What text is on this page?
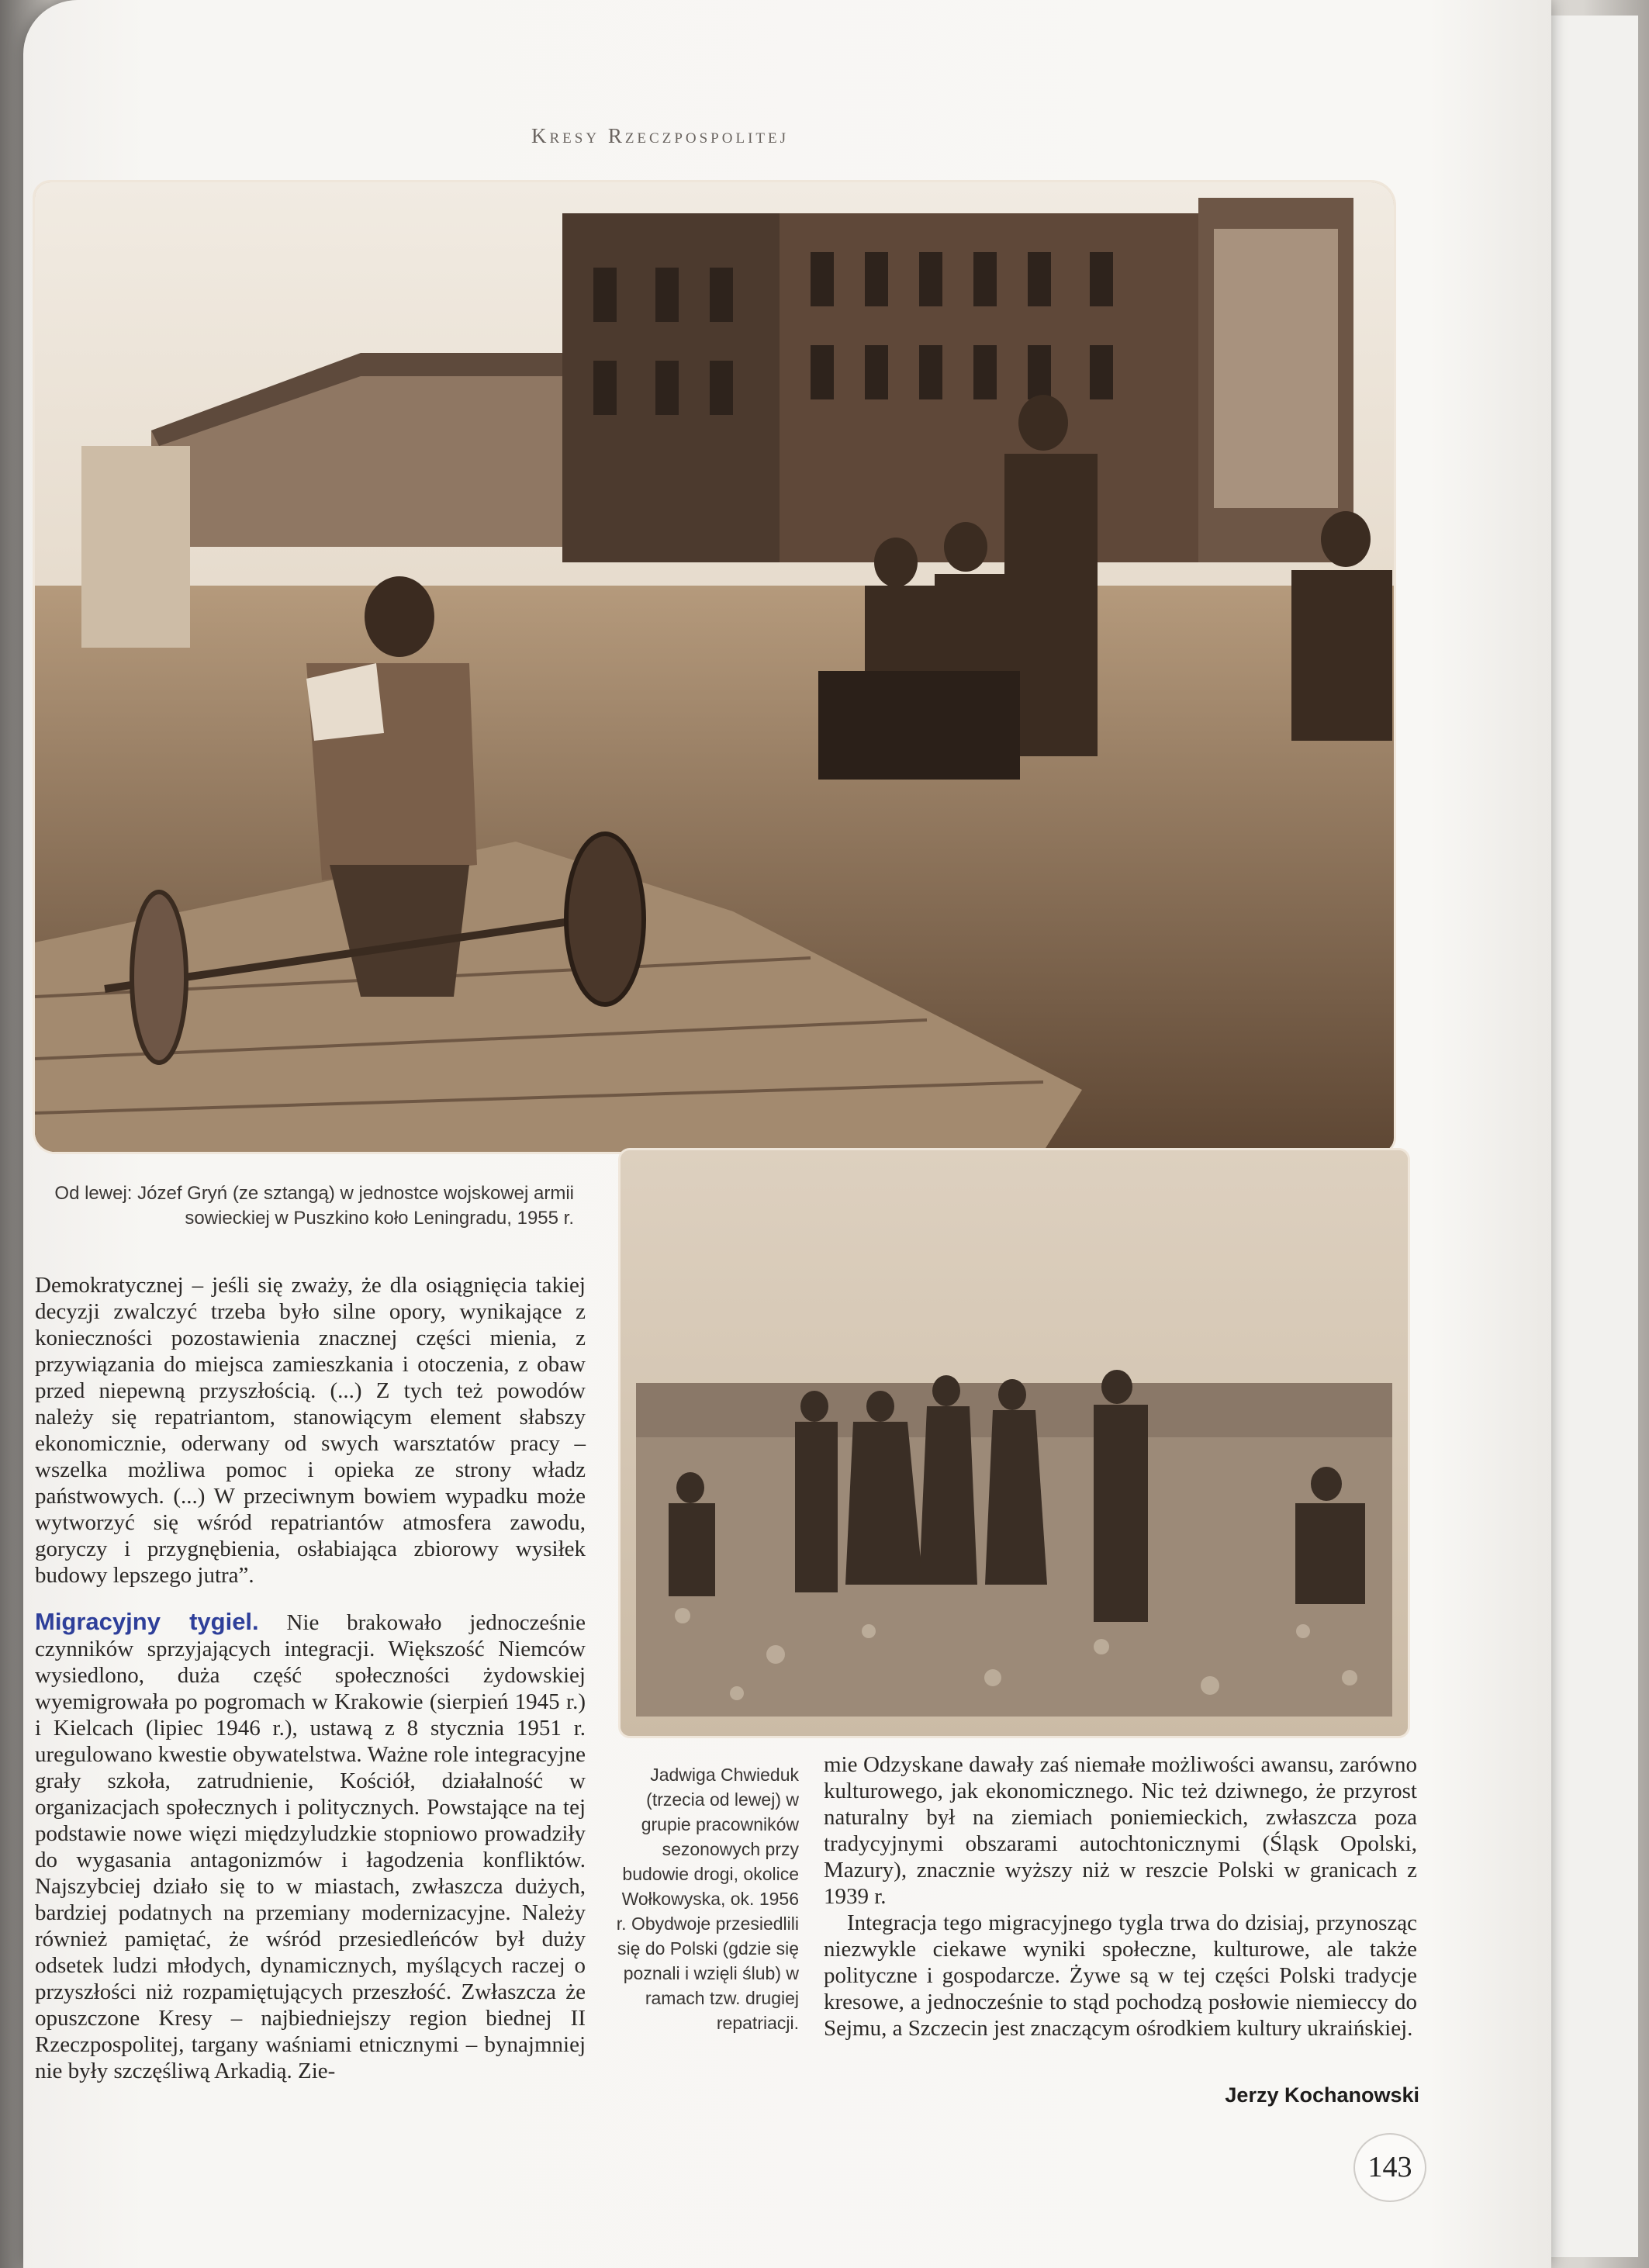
Kresy Rzeczpospolitej
Od lewej: Józef Gryń (ze sztangą) w jednostce wojskowej armii sowieckiej w Puszkino koło Leningradu, 1955 r.
Jadwiga Chwieduk (trzecia od lewej) w grupie pracowników sezonowych przy budowie drogi, okolice Wołkowyska, ok. 1956 r. Obydwoje przesiedlili się do Polski (gdzie się poznali i wzięli ślub) w ramach tzw. drugiej repatriacji.

Demokratycznej – jeśli się zważy, że dla osiągnięcia takiej decyzji zwalczyć trzeba było silne opory, wynikające z konieczności pozostawienia znacznej części mienia, z przywiązania do miejsca zamieszkania i otoczenia, z obaw przed niepewną przyszłością. (...) Z tych też powodów należy się repatriantom, stanowiącym element słabszy ekonomicznie, oderwany od swych warsztatów pracy – wszelka możliwa pomoc i opieka ze strony władz państwowych. (...) W przeciwnym bowiem wypadku może wytworzyć się wśród repatriantów atmosfera zawodu, goryczy i przygnębienia, osłabiająca zbiorowy wysiłek budowy lepszego jutra”.

Migracyjny tygiel. Nie brakowało jednocześnie czynników sprzyjających integracji. Większość Niemców wysiedlono, duża część społeczności żydowskiej wyemigrowała po pogromach w Krakowie (sierpień 1945 r.) i Kielcach (lipiec 1946 r.), ustawą z 8 stycznia 1951 r. uregulowano kwestie obywatelstwa. Ważne role integracyjne grały szkoła, zatrudnienie, Kościół, działalność w organizacjach społecznych i politycznych. Powstające na tej podstawie nowe więzi międzyludzkie stopniowo prowadziły do wygasania antagonizmów i łagodzenia konfliktów. Najszybciej działo się to w miastach, zwłaszcza dużych, bardziej podatnych na przemiany modernizacyjne. Należy również pamiętać, że wśród przesiedleńców był duży odsetek ludzi młodych, dynamicznych, myślących raczej o przyszłości niż rozpamiętujących przeszłość. Zwłaszcza że opuszczone Kresy – najbiedniejszy region biednej II Rzeczpospolitej, targany waśniami etnicznymi – bynajmniej nie były szczęśliwą Arkadią. Zie-

mie Odzyskane dawały zaś niemałe możliwości awansu, zarówno kulturowego, jak ekonomicznego. Nic też dziwnego, że przyrost naturalny był na ziemiach poniemieckich, zwłaszcza poza tradycyjnymi obszarami autochtonicznymi (Śląsk Opolski, Mazury), znacznie wyższy niż w reszcie Polski w granicach z 1939 r.

Integracja tego migracyjnego tygla trwa do dzisiaj, przynosząc niezwykle ciekawe wyniki społeczne, kulturowe, ale także polityczne i gospodarcze. Żywe są w tej części Polski tradycje kresowe, a jednocześnie to stąd pochodzą posłowie niemieccy do Sejmu, a Szczecin jest znaczącym ośrodkiem kultury ukraińskiej.

Jerzy Kochanowski
143
